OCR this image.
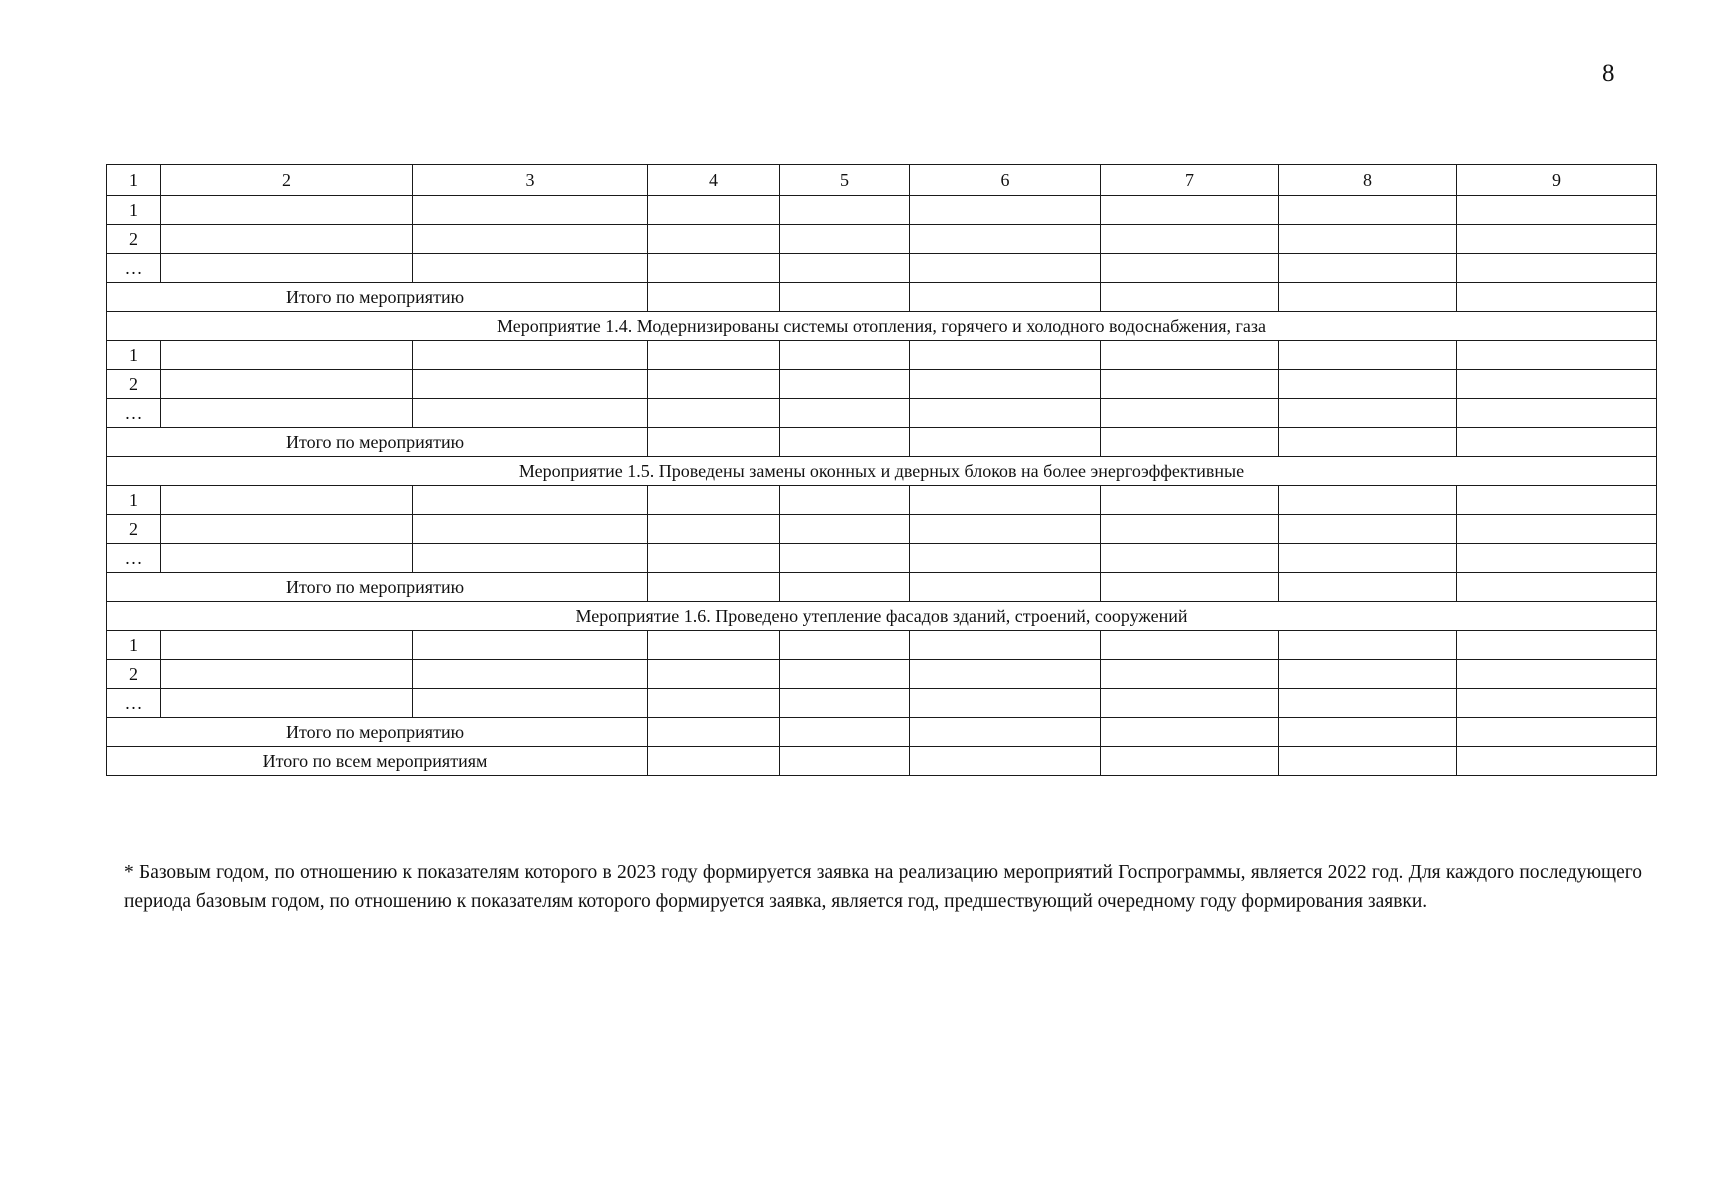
8
1	2	3	4	5	6	7	8	9
1								
2								
…								
Итого по мероприятию								
Мероприятие 1.4. Модернизированы системы отопления, горячего и холодного водоснабжения, газа								
1								
2								
…								
Итого по мероприятию								
Мероприятие 1.5. Проведены замены оконных и дверных блоков на более энергоэффективные								
1								
2								
…								
Итого по мероприятию								
Мероприятие 1.6. Проведено утепление фасадов зданий, строений, сооружений								
1								
2								
…								
Итого по мероприятию								
Итого по всем мероприятиям								

* Базовым годом, по отношению к показателям которого в 2023 году формируется заявка на реализацию мероприятий Госпрограммы, является 2022 год. Для каждого последующего периода базовым годом, по отношению к показателям которого формируется заявка, является год, предшествующий очередному году формирования заявки.
